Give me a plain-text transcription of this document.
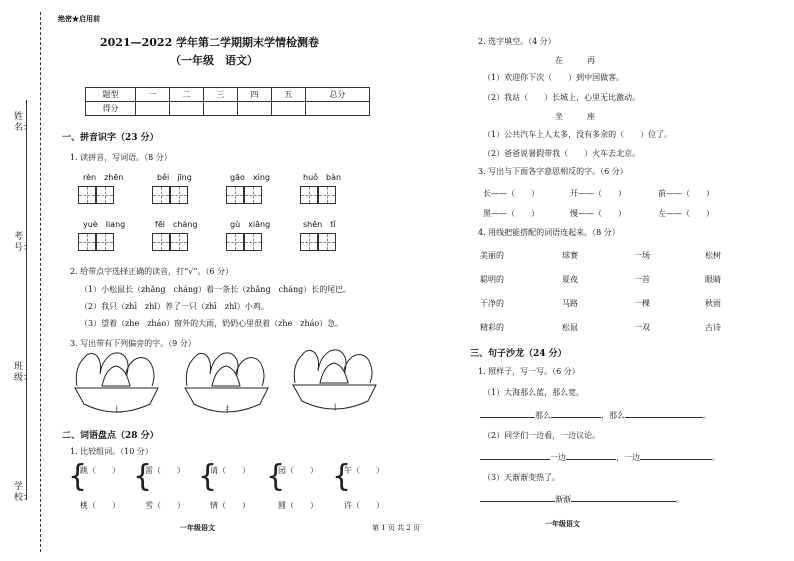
姓名：
考号：
班级：
学校：
绝密★启用前
2021—2022 学年第二学期期末学情检测卷
（一年级　语文）
题型	一	二	三	四	五	总分
得分						
一、拼音识字（23 分）
1. 读拼音，写词语。（8 分）
rèn　zhēn	běi　jīng	gāo　xìng	huǒ　bàn
yuè　liang	fēi　cháng	gù　xiāng	shēn　tǐ
2. 给带点字选择正确的读音，打“√”。（6 分）
（1）小松鼠长（zhǎng　cháng）着一条长（zhǎng　cháng）长的尾巴。
（2）我只（zhī　zhǐ）养了一只（zhī　zhǐ）小鸡。
（3）望着（zhe　zháo）窗外的大雨，奶奶心里很着（zhe　zháo）急。
3. 写出带有下列偏旁的字。（9 分）
辶	扌	讠
二、词语盘点（28 分）
1. 比较组词。（10 分）
{
跳（　　）
桃（　　）
{
雷（　　）
雪（　　）
{
请（　　）
情（　　）
{
园（　　）
圆（　　）
{
午（　　）
许（　　）
一年级语文	第 1 页 共 2 页
2. 选字填空。（4 分）
在　　　再
（1）欢迎你下次（　　）到中国做客。
（2）我站（　　）长城上，心里无比激动。
坐　　　座
（1）公共汽车上人太多，没有多余的（　　）位了。
（2）爸爸说暑假带我（　　）火车去北京。
3. 写出与下面各字意思相反的字。（6 分）
长——（　　）	开——（　　）	前——（　　）
黑——（　　）	慢——（　　）	左——（　　）
4. 用线把能搭配的词语连起来。（8 分）
美丽的	球赛	一场	松树
聪明的	夏夜	一首	眼睛
干净的	马路	一棵	秋雨
精彩的	松鼠	一双	古诗
三、句子沙龙（24 分）
1. 照样子，写一写。（6 分）
（1）大海那么蓝，那么宽。
那么	，那么	。
（2）同学们一边看，一边议论。
一边	，一边	。
（3）天渐渐变热了。
渐渐	。
一年级语文
